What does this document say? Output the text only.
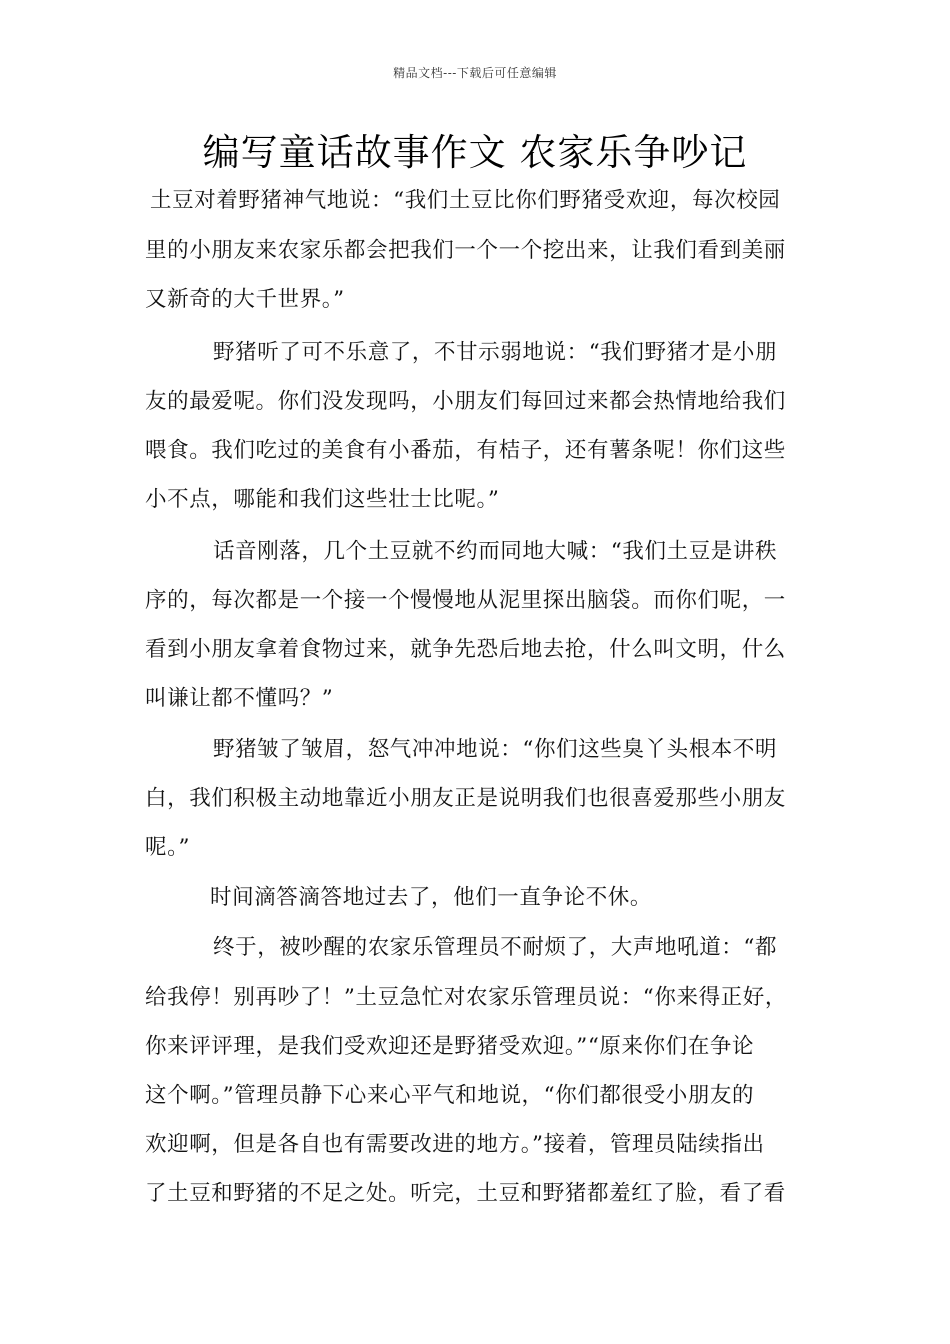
精品文档---下载后可任意编辑
编写童话故事作文 农家乐争吵记
土豆对着野猪神气地说：“我们土豆比你们野猪受欢迎，每次校园
里的小朋友来农家乐都会把我们一个一个挖出来，让我们看到美丽
又新奇的大千世界。”
野猪听了可不乐意了，不甘示弱地说：“我们野猪才是小朋
友的最爱呢。你们没发现吗，小朋友们每回过来都会热情地给我们
喂食。我们吃过的美食有小番茄，有桔子，还有薯条呢！你们这些
小不点，哪能和我们这些壮士比呢。”
话音刚落，几个土豆就不约而同地大喊：“我们土豆是讲秩
序的，每次都是一个接一个慢慢地从泥里探出脑袋。而你们呢，一
看到小朋友拿着食物过来，就争先恐后地去抢，什么叫文明，什么
叫谦让都不懂吗？”
野猪皱了皱眉，怒气冲冲地说：“你们这些臭丫头根本不明
白，我们积极主动地靠近小朋友正是说明我们也很喜爱那些小朋友
呢。”
时间滴答滴答地过去了，他们一直争论不休。
终于，被吵醒的农家乐管理员不耐烦了，大声地吼道：“都
给我停！别再吵了！”土豆急忙对农家乐管理员说：“你来得正好，
你来评评理，是我们受欢迎还是野猪受欢迎。”“原来你们在争论
这个啊。”管理员静下心来心平气和地说，“你们都很受小朋友的
欢迎啊，但是各自也有需要改进的地方。”接着，管理员陆续指出
了土豆和野猪的不足之处。听完，土豆和野猪都羞红了脸，看了看
